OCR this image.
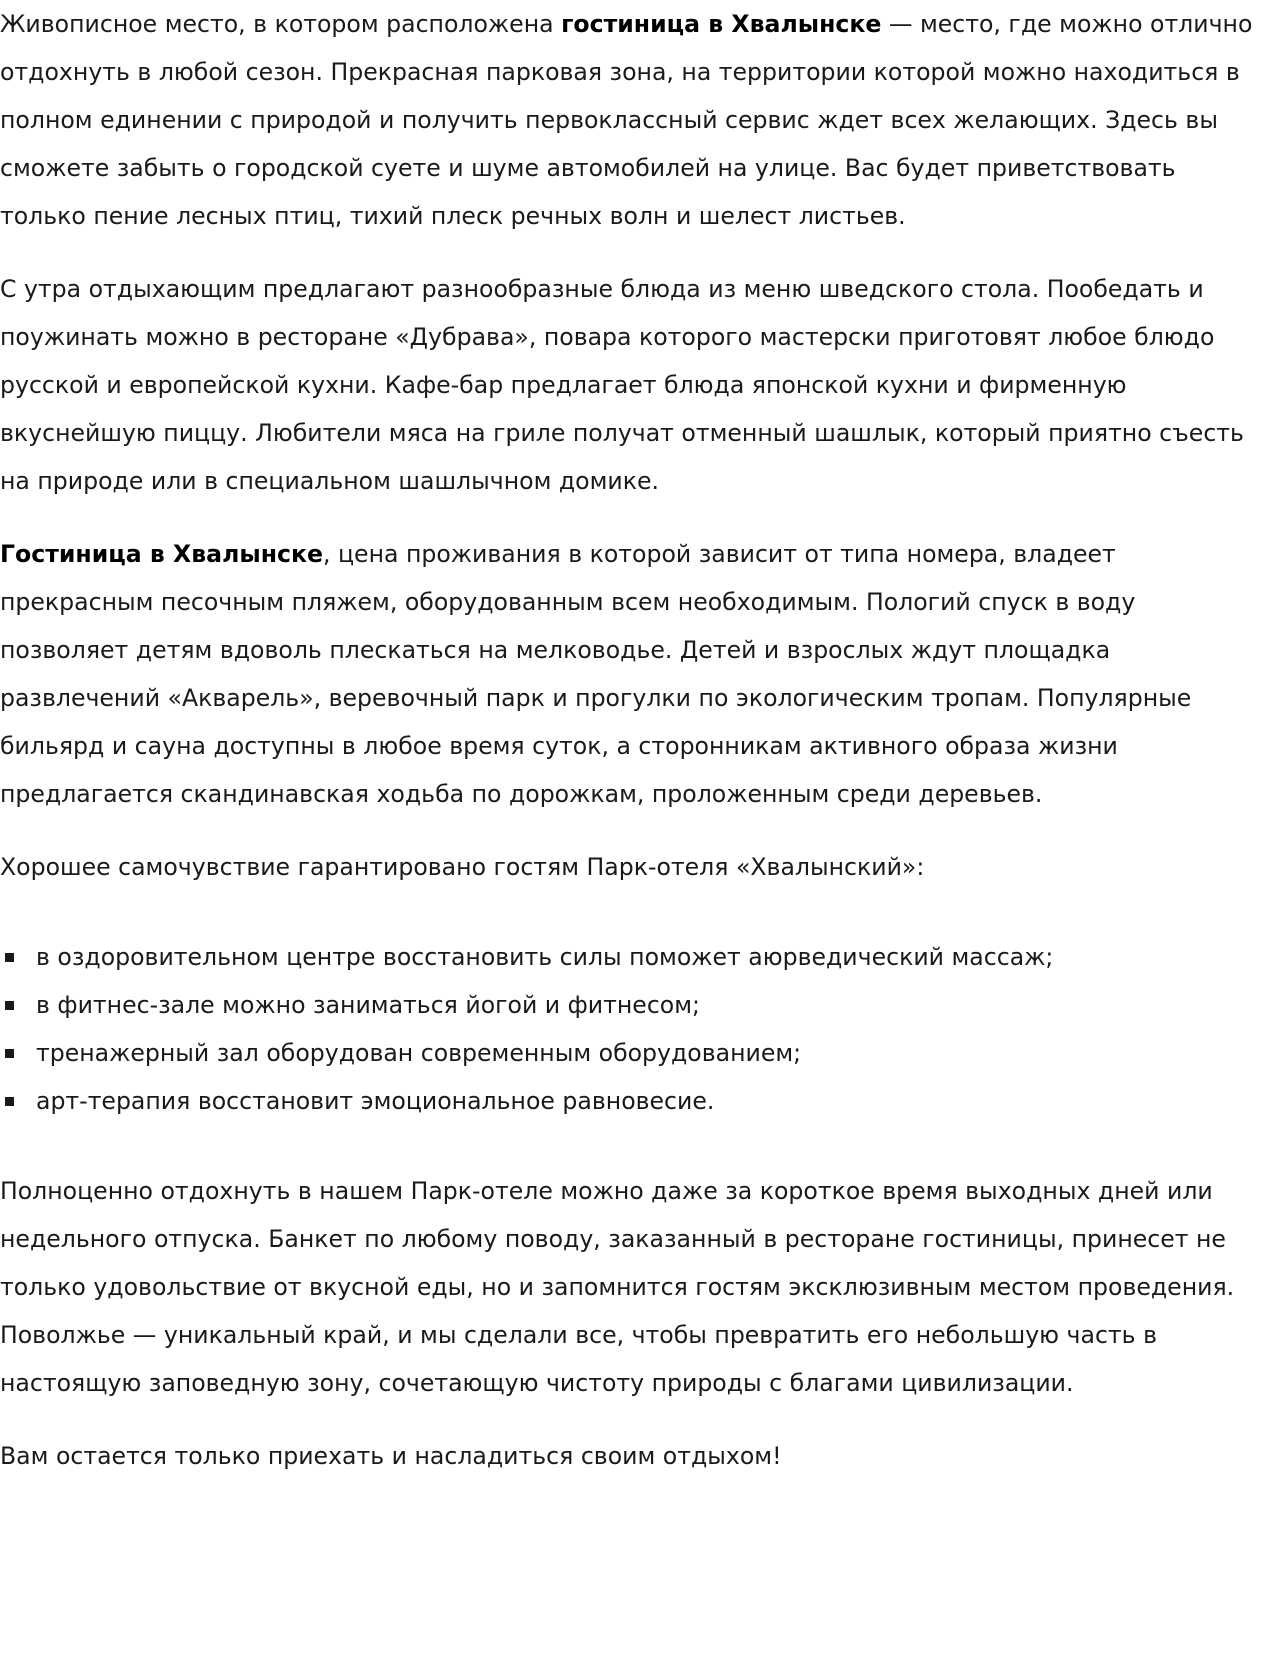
Живописное место, в котором расположена гостиница в Хвалынске — место, где можно отлично отдохнуть в любой сезон. Прекрасная парковая зона, на территории которой можно находиться в полном единении с природой и получить первоклассный сервис ждет всех желающих. Здесь вы сможете забыть о городской суете и шуме автомобилей на улице. Вас будет приветствовать только пение лесных птиц, тихий плеск речных волн и шелест листьев.

С утра отдыхающим предлагают разнообразные блюда из меню шведского стола. Пообедать и поужинать можно в ресторане «Дубрава», повара которого мастерски приготовят любое блюдо русской и европейской кухни. Кафе-бар предлагает блюда японской кухни и фирменную вкуснейшую пиццу. Любители мяса на гриле получат отменный шашлык, который приятно съесть на природе или в специальном шашлычном домике.

Гостиница в Хвалынске, цена проживания в которой зависит от типа номера, владеет прекрасным песочным пляжем, оборудованным всем необходимым. Пологий спуск в воду позволяет детям вдоволь плескаться на мелководье. Детей и взрослых ждут площадка развлечений «Акварель», веревочный парк и прогулки по экологическим тропам. Популярные бильярд и сауна доступны в любое время суток, а сторонникам активного образа жизни предлагается скандинавская ходьба по дорожкам, проложенным среди деревьев.

Хорошее самочувствие гарантировано гостям Парк-отеля «Хвалынский»:

в оздоровительном центре восстановить силы поможет аюрведический массаж;
в фитнес-зале можно заниматься йогой и фитнесом;
тренажерный зал оборудован современным оборудованием;
арт-терапия восстановит эмоциональное равновесие.

Полноценно отдохнуть в нашем Парк-отеле можно даже за короткое время выходных дней или недельного отпуска. Банкет по любому поводу, заказанный в ресторане гостиницы, принесет не только удовольствие от вкусной еды, но и запомнится гостям эксклюзивным местом проведения. Поволжье — уникальный край, и мы сделали все, чтобы превратить его небольшую часть в настоящую заповедную зону, сочетающую чистоту природы с благами цивилизации.

Вам остается только приехать и насладиться своим отдыхом!
